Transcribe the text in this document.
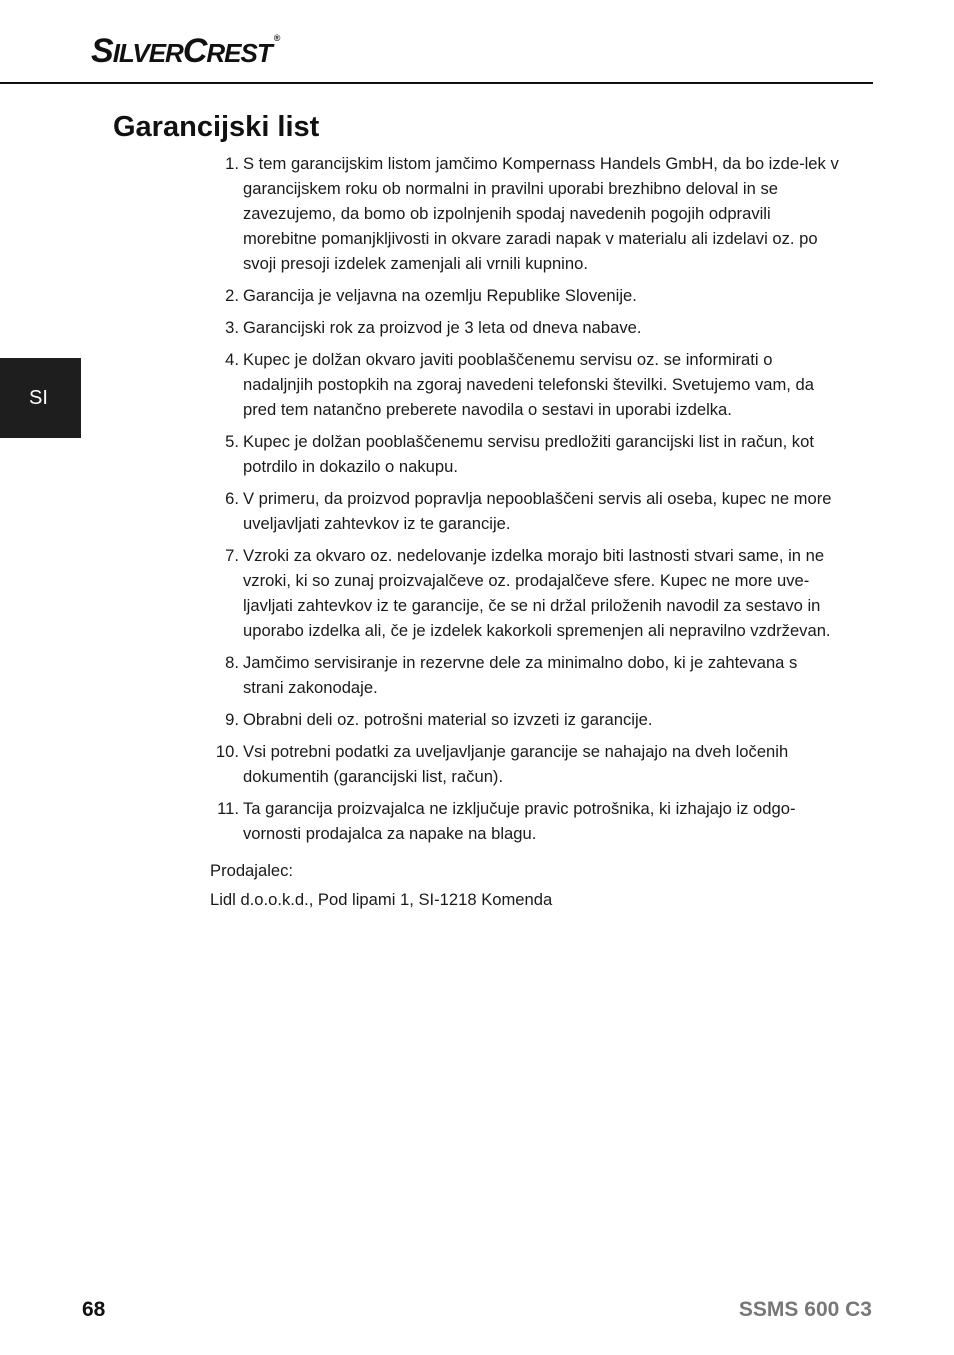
SILVERCREST ®
Garancijski list
SI
1. S tem garancijskim listom jamčimo Kompernass Handels GmbH, da bo izde-lek v garancijskem roku ob normalni in pravilni uporabi brezhibno deloval in se zavezujemo, da bomo ob izpolnjenih spodaj navedenih pogojih odpravili morebitne pomanjkljivosti in okvare zaradi napak v materialu ali izdelavi oz. po svoji presoji izdelek zamenjali ali vrnili kupnino.
2. Garancija je veljavna na ozemlju Republike Slovenije.
3. Garancijski rok za proizvod je 3 leta od dneva nabave.
4. Kupec je dolžan okvaro javiti pooblaščenemu servisu oz. se informirati o nadaljnjih postopkih na zgoraj navedeni telefonski številki. Svetujemo vam, da pred tem natančno preberete navodila o sestavi in uporabi izdelka.
5. Kupec je dolžan pooblaščenemu servisu predložiti garancijski list in račun, kot potrdilo in dokazilo o nakupu.
6. V primeru, da proizvod popravlja nepooblaščeni servis ali oseba, kupec ne more uveljavljati zahtevkov iz te garancije.
7. Vzroki za okvaro oz. nedelovanje izdelka morajo biti lastnosti stvari same, in ne vzroki, ki so zunaj proizvajalčeve oz. prodajalčeve sfere. Kupec ne more uve-ljavljati zahtevkov iz te garancije, če se ni držal priloženih navodil za sestavo in uporabo izdelka ali, če je izdelek kakorkoli spremenjen ali nepravilno vzdrževan.
8. Jamčimo servisiranje in rezervne dele za minimalno dobo, ki je zahtevana s strani zakonodaje.
9. Obrabni deli oz. potrošni material so izvzeti iz garancije.
10. Vsi potrebni podatki za uveljavljanje garancije se nahajajo na dveh ločenih dokumentih (garancijski list, račun).
11. Ta garancija proizvajalca ne izključuje pravic potrošnika, ki izhajajo iz odgo-vornosti prodajalca za napake na blagu.
Prodajalec:
Lidl d.o.o.k.d., Pod lipami 1, SI-1218 Komenda
68	SSMS 600 C3
